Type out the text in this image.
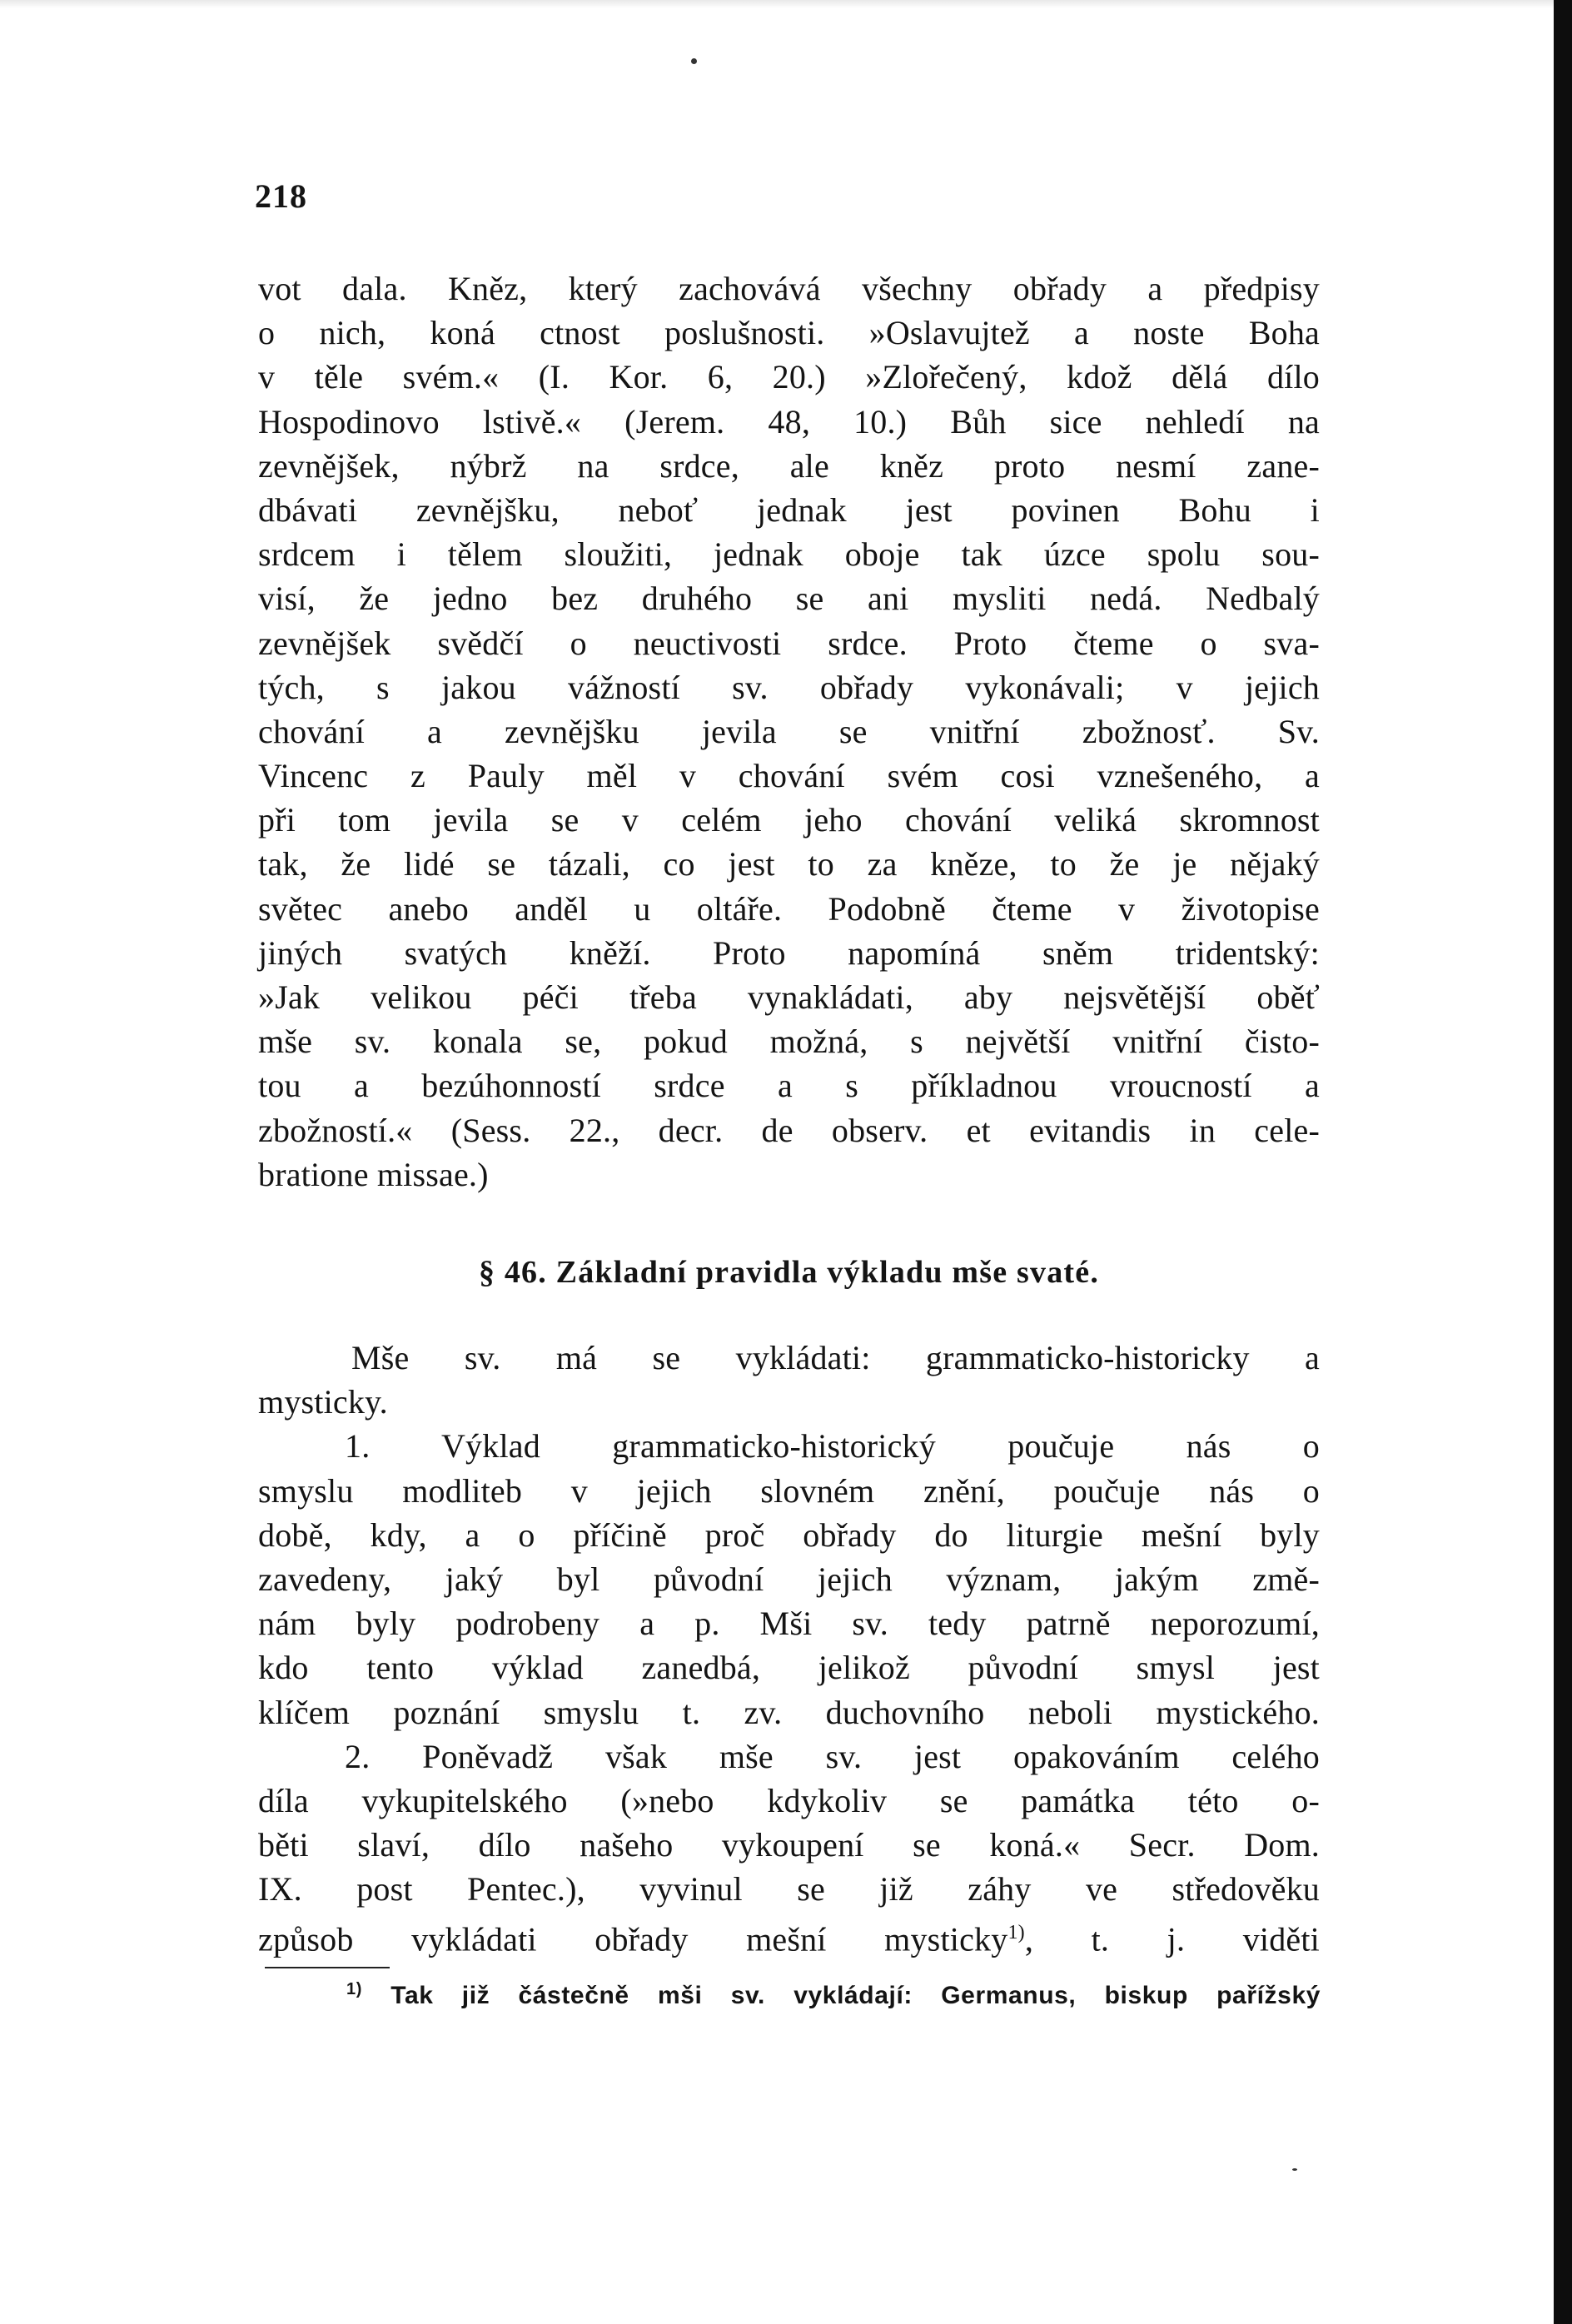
218
vot dala. Kněz, který zachovává všechny obřady a předpisy
o nich, koná ctnost poslušnosti. »Oslavujtež a noste Boha
v těle svém.« (I. Kor. 6, 20.) »Zlořečený, kdož dělá dílo
Hospodinovo lstivě.« (Jerem. 48, 10.) Bůh sice nehledí na
zevnějšek, nýbrž na srdce, ale kněz proto nesmí zane-
dbávati zevnějšku, neboť jednak jest povinen Bohu i
srdcem i tělem sloužiti, jednak oboje tak úzce spolu sou-
visí, že jedno bez druhého se ani mysliti nedá. Nedbalý
zevnějšek svědčí o neuctivosti srdce. Proto čteme o sva-
tých, s jakou vážností sv. obřady vykonávali; v jejich
chování a zevnějšku jevila se vnitřní zbožnosť. Sv.
Vincenc z Pauly měl v chování svém cosi vznešeného, a
při tom jevila se v celém jeho chování veliká skromnost
tak, že lidé se tázali, co jest to za kněze, to že je nějaký
světec anebo anděl u oltáře. Podobně čteme v životopise
jiných svatých kněží. Proto napomíná sněm tridentský:
»Jak velikou péči třeba vynakládati, aby nejsvětější oběť
mše sv. konala se, pokud možná, s největší vnitřní čisto-
tou a bezúhonností srdce a s příkladnou vroucností a
zbožností.« (Sess. 22., decr. de observ. et evitandis in cele-
bratione missae.)
§ 46. Základní pravidla výkladu mše svaté.
Mše sv. má se vykládati: grammaticko-historicky a
mysticky.
1. Výklad grammaticko-historický poučuje nás o
smyslu modliteb v jejich slovném znění, poučuje nás o
době, kdy, a o příčině proč obřady do liturgie mešní byly
zavedeny, jaký byl původní jejich význam, jakým změ-
nám byly podrobeny a p. Mši sv. tedy patrně neporozumí,
kdo tento výklad zanedbá, jelikož původní smysl jest
klíčem poznání smyslu t. zv. duchovního neboli mystického.
2. Poněvadž však mše sv. jest opakováním celého
díla vykupitelského (»nebo kdykoliv se památka této o-
běti slaví, dílo našeho vykoupení se koná.« Secr. Dom.
IX. post Pentec.), vyvinul se již záhy ve středověku
způsob vykládati obřady mešní mysticky$^{1)}$, t. j. viděti
$^{1)}$ Tak již částečně mši sv. vykládají: Germanus, biskup pařížský
